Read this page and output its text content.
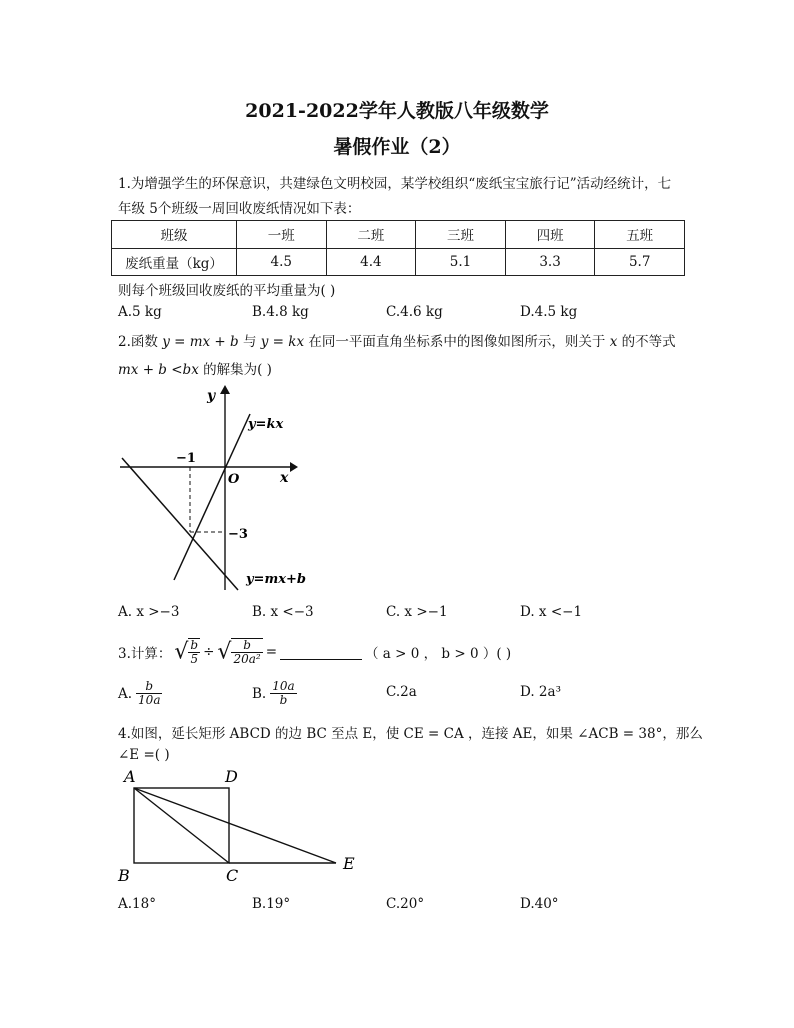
2021-2022学年人教版八年级数学
暑假作业（2）
1.为增强学生的环保意识，共建绿色文明校园，某学校组织“废纸宝宝旅行记”活动经统计，七
年级 5个班级一周回收废纸情况如下表：
班级	一班	二班	三班	四班	五班
废纸重量（kg）	4.5	4.4	5.1	3.3	5.7
则每个班级回收废纸的平均重量为( )
A.5 kg	B.4.8 kg	C.4.6 kg	D.4.5 kg
2.函数 y = mx + b 与 y = kx 在同一平面直角坐标系中的图像如图所示，则关于 x 的不等式
mx + b <bx 的解集为( )
y
x
O
−1
−3
y=kx
y=mx+b
A. x >−3	B. x <−3	C. x >−1	D. x <−1
3.计算： √ $\frac{b}{5}$ ÷ √ $\frac{b}{\text{20a²}}$ =	（ a > 0 ， b > 0 ）( )
A. $\frac{b}{10a}$	B. $\frac{10a}{b}$	C.2a	D. 2a³
4.如图，延长矩形 ABCD 的边 BC 至点 E，使 CE = CA ，连接 AE，如果 ∠ACB = 38°，那么
∠E =( )
A	D
B	C
E
A.18°	B.19°	C.20°	D.40°
